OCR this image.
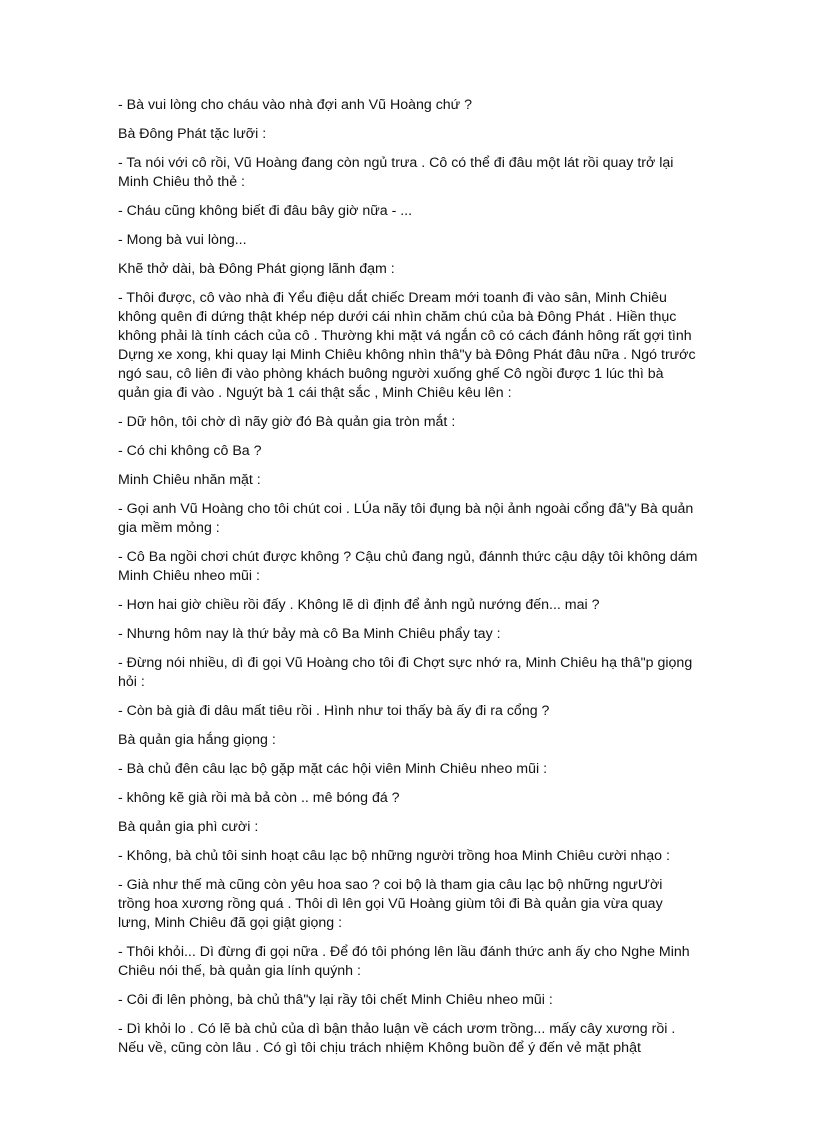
- Bà vui lòng cho cháu vào nhà đợi anh Vũ Hoàng chứ ?

Bà Đông Phát tặc lưỡi :

- Ta nói với cô rồi, Vũ Hoàng đang còn ngủ trưa . Cô có thể đi đâu một lát rồi quay trở lại Minh Chiêu thỏ thẻ :

- Cháu cũng không biết đi đâu bây giờ nữa - ...

- Mong bà vui lòng...

Khẽ thở dài, bà Đông Phát giọng lãnh đạm :

- Thôi được, cô vào nhà đi Yểu điệu dắt chiếc Dream mới toanh đi vào sân, Minh Chiêu không quên đi dứng thật khép nép dưới cái nhìn chăm chú của bà Đông Phát . Hiền thục không phải là tính cách của cô . Thường khi mặt vá ngắn cô có cách đánh hông rất gợi tình Dựng xe xong, khi quay lại Minh Chiêu không nhìn thâ"y bà Đông Phát đâu nữa . Ngó trước ngó sau, cô liên đi vào phòng khách buông người xuống ghế Cô ngồi được 1 lúc thì bà quản gia đi vào . Nguýt bà 1 cái thật sắc , Minh Chiêu kêu lên :

- Dữ hôn, tôi chờ dì nãy giờ đó Bà quản gia tròn mắt :

- Có chi không cô Ba ?

Minh Chiêu nhăn mặt :

- Gọi anh Vũ Hoàng cho tôi chút coi . LÚa nãy tôi đụng bà nội ảnh ngoài cổng đâ"y Bà quản gia mềm mỏng :

- Cô Ba ngồi chơi chút được không ? Cậu chủ đang ngủ, đánnh thức cậu dậy tôi không dám Minh Chiêu nheo mũi :

- Hơn hai giờ chiều rồi đấy . Không lẽ dì định để ảnh ngủ nướng đến... mai ?

- Nhưng hôm nay là thứ bảy mà cô Ba Minh Chiêu phẩy tay :

- Đừng nói nhiều, dì đi gọi Vũ Hoàng cho tôi đi Chợt sực nhớ ra, Minh Chiêu hạ thâ"p giọng hỏi :

- Còn bà già đi dâu mất tiêu rồi . Hình như toi thấy bà ấy đi ra cổng ?

Bà quản gia hắng giọng :

- Bà chủ đên câu lạc bộ gặp mặt các hội viên Minh Chiêu nheo mũi :

- không kẽ già rồi mà bả còn .. mê bóng đá ?

Bà quản gia phì cười :

- Không, bà chủ tôi sinh hoạt câu lạc bộ những người trồng hoa Minh Chiêu cười nhạo :

- Già như thế mà cũng còn yêu hoa sao ? coi bộ là tham gia câu lạc bộ những ngưƯời trồng hoa xương rồng quá . Thôi dì lên gọi Vũ Hoàng giùm tôi đi Bà quản gia vừa quay lưng, Minh Chiêu đã gọi giật giọng :

- Thôi khỏi... Dì đừng đi gọi nữa . Để đó tôi phóng lên lầu đánh thức anh ấy cho Nghe Minh Chiêu nói thế, bà quản gia lính quýnh :

- Côi đi lên phòng, bà chủ thâ"y lại rầy tôi chết Minh Chiêu nheo mũi :

- Dì khỏi lo . Có lẽ bà chủ của dì bận thảo luận về cách ươm trồng... mấy cây xương rồi . Nếu về, cũng còn lâu . Có gì tôi chịu trách nhiệm Không buồn để ý đến vẻ mặt phật
